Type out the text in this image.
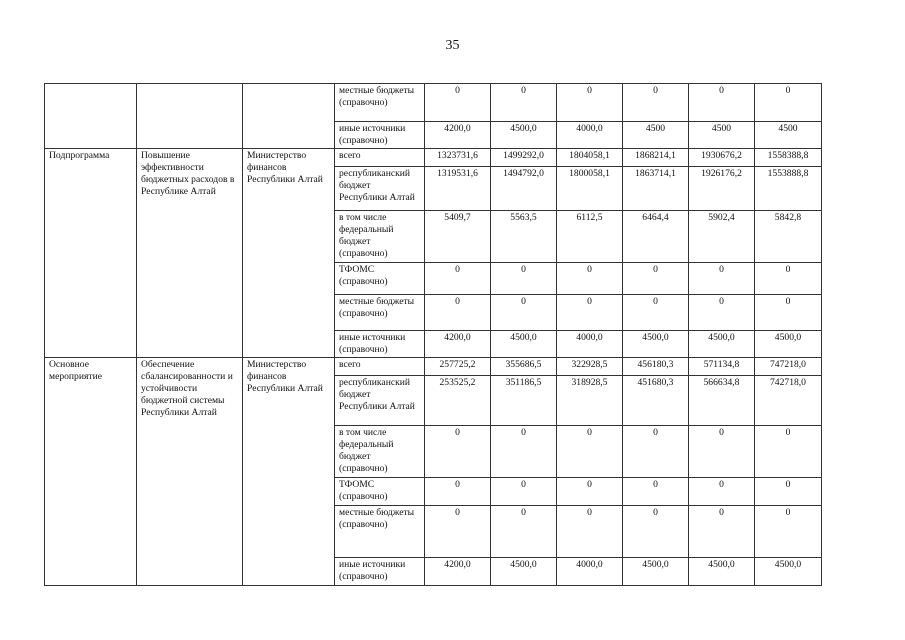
35
			местные бюджеты (справочно)	0	0	0	0	0	0
			иные источники (справочно)	4200,0	4500,0	4000,0	4500	4500	4500
Подпрограмма	Повышение эффективности бюджетных расходов в Республике Алтай	Министерство финансов Республики Алтай	всего	1323731,6	1499292,0	1804058,1	1868214,1	1930676,2	1558388,8
			республиканский бюджет Республики Алтай	1319531,6	1494792,0	1800058,1	1863714,1	1926176,2	1553888,8
			в том числе федеральный бюджет (справочно)	5409,7	5563,5	6112,5	6464,4	5902,4	5842,8
			ТФОМС (справочно)	0	0	0	0	0	0
			местные бюджеты (справочно)	0	0	0	0	0	0
			иные источники (справочно)	4200,0	4500,0	4000,0	4500,0	4500,0	4500,0
Основное мероприятие	Обеспечение сбалансированности и устойчивости бюджетной системы Республики Алтай	Министерство финансов Республики Алтай	всего	257725,2	355686,5	322928,5	456180,3	571134,8	747218,0
			республиканский бюджет Республики Алтай	253525,2	351186,5	318928,5	451680,3	566634,8	742718,0
			в том числе федеральный бюджет (справочно)	0	0	0	0	0	0
			ТФОМС (справочно)	0	0	0	0	0	0
			местные бюджеты (справочно)	0	0	0	0	0	0
			иные источники (справочно)	4200,0	4500,0	4000,0	4500,0	4500,0	4500,0
